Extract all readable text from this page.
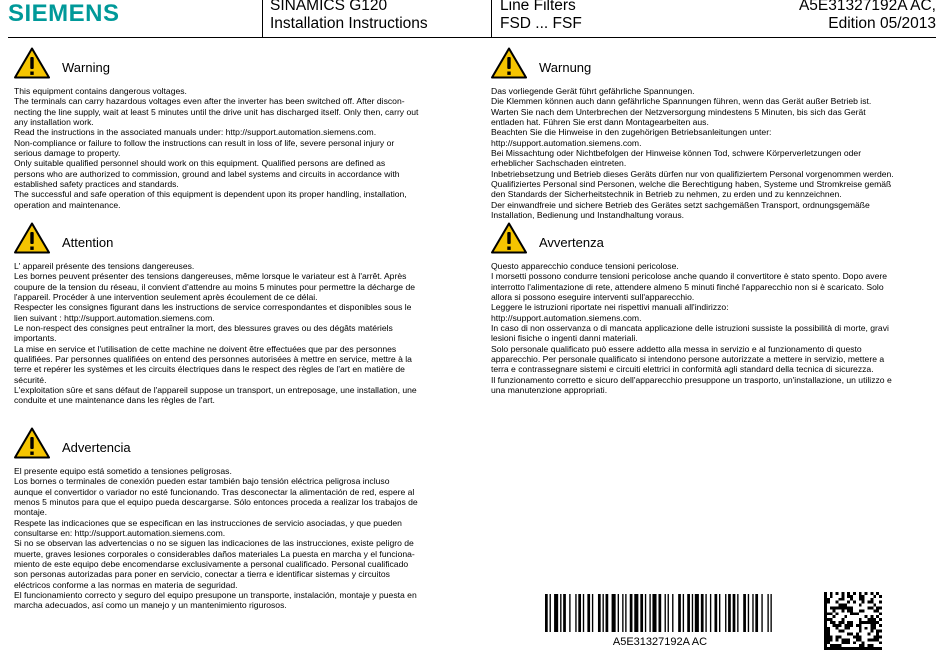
SIEMENS	SINAMICS G120
Installation Instructions
Line Filters
FSD ... FSF
A5E31327192A AC,
Edition 05/2013
Warning
This equipment contains dangerous voltages.
The terminals can carry hazardous voltages even after the inverter has been switched off. After discon-
necting the line supply, wait at least 5 minutes until the drive unit has discharged itself. Only then, carry out
any installation work.
Read the instructions in the associated manuals under: http://support.automation.siemens.com.
Non-compliance or failure to follow the instructions can result in loss of life, severe personal injury or
serious damage to property.
Only suitable qualified personnel should work on this equipment. Qualified persons are defined as
persons who are authorized to commission, ground and label systems and circuits in accordance with
established safety practices and standards.
The successful and safe operation of this equipment is dependent upon its proper handling, installation,
operation and maintenance.
Warnung
Das vorliegende Gerät führt gefährliche Spannungen.
Die Klemmen können auch dann gefährliche Spannungen führen, wenn das Gerät außer Betrieb ist.
Warten Sie nach dem Unterbrechen der Netzversorgung mindestens 5 Minuten, bis sich das Gerät
entladen hat. Führen Sie erst dann Montagearbeiten aus.
Beachten Sie die Hinweise in den zugehörigen Betriebsanleitungen unter:
http://support.automation.siemens.com.
Bei Missachtung oder Nichtbefolgen der Hinweise können Tod, schwere Körperverletzungen oder
erheblicher Sachschaden eintreten.
Inbetriebsetzung und Betrieb dieses Geräts dürfen nur von qualifiziertem Personal vorgenommen werden.
Qualifiziertes Personal sind Personen, welche die Berechtigung haben, Systeme und Stromkreise gemäß
den Standards der Sicherheitstechnik in Betrieb zu nehmen, zu erden und zu kennzeichnen.
Der einwandfreie und sichere Betrieb des Gerätes setzt sachgemäßen Transport, ordnungsgemäße
Installation, Bedienung und Instandhaltung voraus.
Attention
L' appareil présente des tensions dangereuses.
Les bornes peuvent présenter des tensions dangereuses, même lorsque le variateur est à l'arrêt. Après
coupure de la tension du réseau, il convient d'attendre au moins 5 minutes pour permettre la décharge de
l'appareil. Procéder à une intervention seulement après écoulement de ce délai.
Respecter les consignes figurant dans les instructions de service correspondantes et disponibles sous le
lien suivant : http://support.automation.siemens.com.
Le non-respect des consignes peut entraîner la mort, des blessures graves ou des dégâts matériels
importants.
La mise en service et l'utilisation de cette machine ne doivent être effectuées que par des personnes
qualifiées. Par personnes qualifiées on entend des personnes autorisées à mettre en service, mettre à la
terre et repérer les systèmes et les circuits électriques dans le respect des règles de l'art en matière de
sécurité.
L'exploitation sûre et sans défaut de l'appareil suppose un transport, un entreposage, une installation, une
conduite et une maintenance dans les règles de l'art.
Avvertenza
Questo apparecchio conduce tensioni pericolose.
I morsetti possono condurre tensioni pericolose anche quando il convertitore è stato spento. Dopo avere
interrotto l'alimentazione di rete, attendere almeno 5 minuti finché l'apparecchio non si è scaricato. Solo
allora si possono eseguire interventi sull'apparecchio.
Leggere le istruzioni riportate nei rispettivi manuali all'indirizzo:
http://support.automation.siemens.com.
In caso di non osservanza o di mancata applicazione delle istruzioni sussiste la possibilità di morte, gravi
lesioni fisiche o ingenti danni materiali.
Solo personale qualificato può essere addetto alla messa in servizio e al funzionamento di questo
apparecchio. Per personale qualificato si intendono persone autorizzate a mettere in servizio, mettere a
terra e contrassegnare sistemi e circuiti elettrici in conformità agli standard della tecnica di sicurezza.
Il funzionamento corretto e sicuro dell'apparecchio presuppone un trasporto, un'installazione, un utilizzo e
una manutenzione appropriati.
Advertencia
El presente equipo está sometido a tensiones peligrosas.
Los bornes o terminales de conexión pueden estar también bajo tensión eléctrica peligrosa incluso
aunque el convertidor o variador no esté funcionando. Tras desconectar la alimentación de red, espere al
menos 5 minutos para que el equipo pueda descargarse. Sólo entonces proceda a realizar los trabajos de
montaje.
Respete las indicaciones que se especifican en las instrucciones de servicio asociadas, y que pueden
consultarse en: http://support.automation.siemens.com.
Si no se observan las advertencias o no se siguen las indicaciones de las instrucciones, existe peligro de
muerte, graves lesiones corporales o considerables daños materiales La puesta en marcha y el funciona-
miento de este equipo debe encomendarse exclusivamente a personal cualificado. Personal cualificado
son personas autorizadas para poner en servicio, conectar a tierra e identificar sistemas y circuitos
eléctricos conforme a las normas en materia de seguridad.
El funcionamiento correcto y seguro del equipo presupone un transporte, instalación, montaje y puesta en
marcha adecuados, así como un manejo y un mantenimiento rigurosos.
A5E31327192A AC
